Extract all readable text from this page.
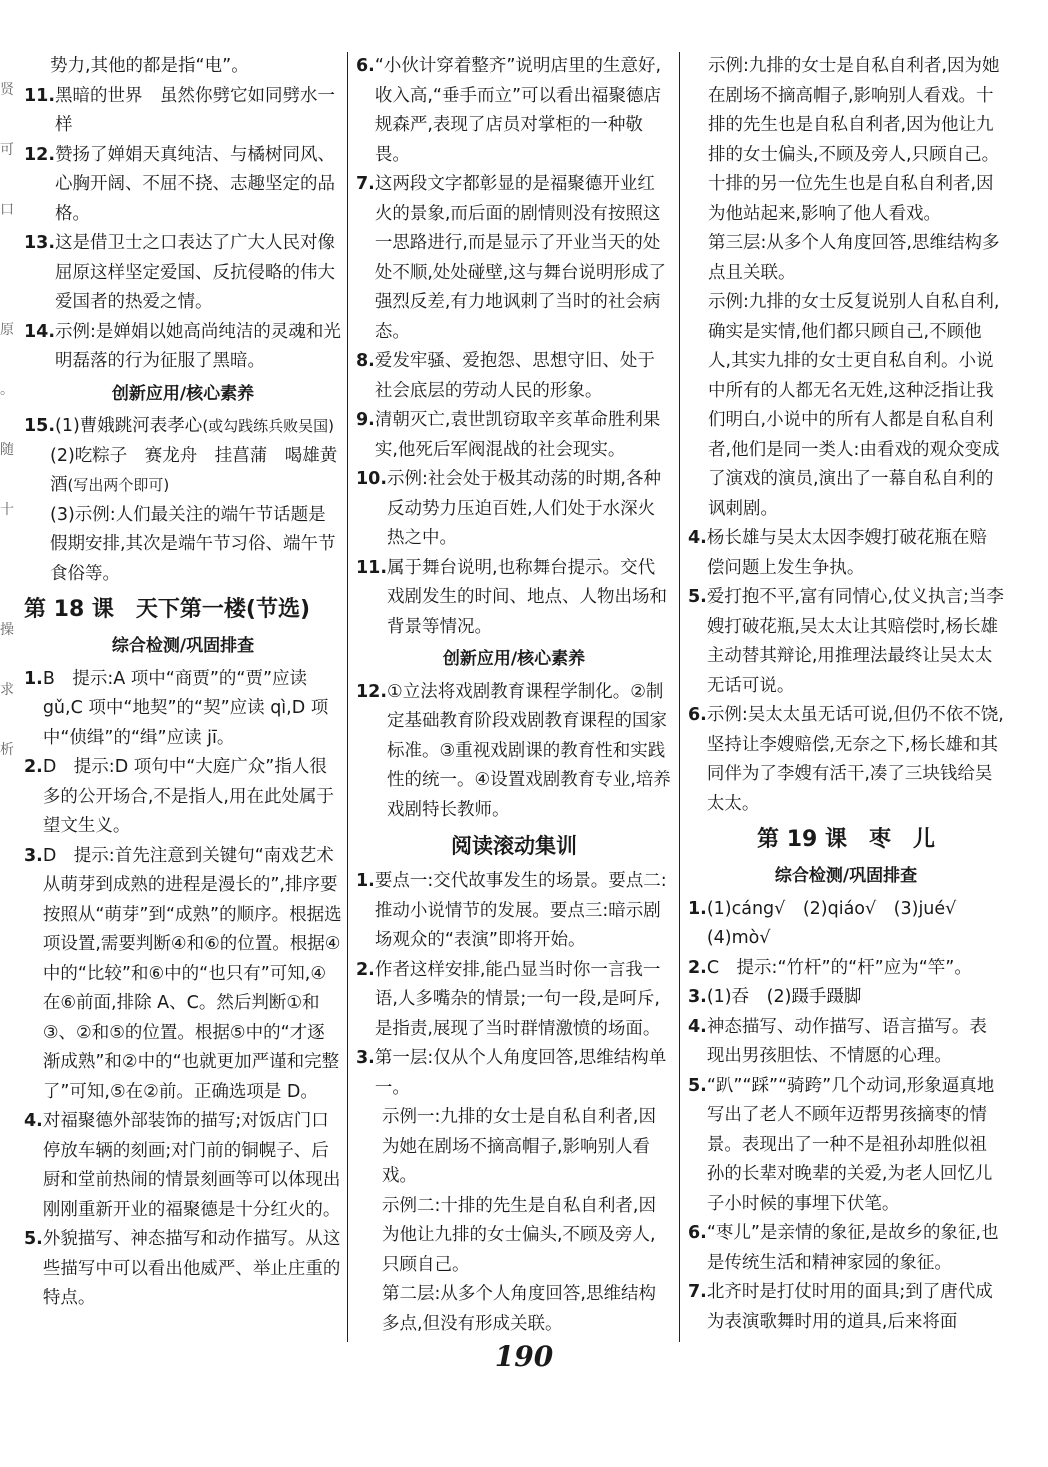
贤
可
口
原
。
随
十
操
求
析
势力,其他的都是指“电”。
11. 黑暗的世界　虽然你劈它如同劈水一样
12. 赞扬了婵娟天真纯洁、与橘树同风、心胸开阔、不屈不挠、志趣坚定的品格。
13. 这是借卫士之口表达了广大人民对像屈原这样坚定爱国、反抗侵略的伟大爱国者的热爱之情。
14. 示例:是婵娟以她高尚纯洁的灵魂和光明磊落的行为征服了黑暗。
创新应用/核心素养
15. (1)曹娥跳河表孝心(或勾践练兵败吴国)
(2)吃粽子　赛龙舟　挂菖蒲　喝雄黄酒(写出两个即可)
(3)示例:人们最关注的端午节话题是假期安排,其次是端午节习俗、端午节食俗等。
第 18 课　天下第一楼(节选)
综合检测/巩固排查
1. B　提示:A 项中“商贾”的“贾”应读 gǔ,C 项中“地契”的“契”应读 qì,D 项中“侦缉”的“缉”应读 jī。
2. D　提示:D 项句中“大庭广众”指人很多的公开场合,不是指人,用在此处属于望文生义。
3. D　提示:首先注意到关键句“南戏艺术从萌芽到成熟的进程是漫长的”,排序要按照从“萌芽”到“成熟”的顺序。根据选项设置,需要判断④和⑥的位置。根据④中的“比较”和⑥中的“也只有”可知,④在⑥前面,排除 A、C。然后判断①和③、②和⑤的位置。根据⑤中的“才逐渐成熟”和②中的“也就更加严谨和完整了”可知,⑤在②前。正确选项是 D。
4. 对福聚德外部装饰的描写;对饭店门口停放车辆的刻画;对门前的铜幌子、后厨和堂前热闹的情景刻画等可以体现出刚刚重新开业的福聚德是十分红火的。
5. 外貌描写、神态描写和动作描写。从这些描写中可以看出他威严、举止庄重的特点。
6. “小伙计穿着整齐”说明店里的生意好,收入高,“垂手而立”可以看出福聚德店规森严,表现了店员对掌柜的一种敬畏。
7. 这两段文字都彰显的是福聚德开业红火的景象,而后面的剧情则没有按照这一思路进行,而是显示了开业当天的处处不顺,处处碰壁,这与舞台说明形成了强烈反差,有力地讽刺了当时的社会病态。
8. 爱发牢骚、爱抱怨、思想守旧、处于社会底层的劳动人民的形象。
9. 清朝灭亡,袁世凯窃取辛亥革命胜利果实,他死后军阀混战的社会现实。
10. 示例:社会处于极其动荡的时期,各种反动势力压迫百姓,人们处于水深火热之中。
11. 属于舞台说明,也称舞台提示。交代戏剧发生的时间、地点、人物出场和背景等情况。
创新应用/核心素养
12. ①立法将戏剧教育课程学制化。②制定基础教育阶段戏剧教育课程的国家标准。③重视戏剧课的教育性和实践性的统一。④设置戏剧教育专业,培养戏剧特长教师。
阅读滚动集训
1. 要点一:交代故事发生的场景。要点二:推动小说情节的发展。要点三:暗示剧场观众的“表演”即将开始。
2. 作者这样安排,能凸显当时你一言我一语,人多嘴杂的情景;一句一段,是呵斥,是指责,展现了当时群情激愤的场面。
3. 第一层:仅从个人角度回答,思维结构单一。
示例一:九排的女士是自私自利者,因为她在剧场不摘高帽子,影响别人看戏。
示例二:十排的先生是自私自利者,因为他让九排的女士偏头,不顾及旁人,只顾自己。
第二层:从多个人角度回答,思维结构多点,但没有形成关联。
示例:九排的女士是自私自利者,因为她在剧场不摘高帽子,影响别人看戏。十排的先生也是自私自利者,因为他让九排的女士偏头,不顾及旁人,只顾自己。十排的另一位先生也是自私自利者,因为他站起来,影响了他人看戏。
第三层:从多个人角度回答,思维结构多点且关联。
示例:九排的女士反复说别人自私自利,确实是实情,他们都只顾自己,不顾他人,其实九排的女士更自私自利。小说中所有的人都无名无姓,这种泛指让我们明白,小说中的所有人都是自私自利者,他们是同一类人:由看戏的观众变成了演戏的演员,演出了一幕自私自利的讽刺剧。
4. 杨长雄与吴太太因李嫂打破花瓶在赔偿问题上发生争执。
5. 爱打抱不平,富有同情心,仗义执言;当李嫂打破花瓶,吴太太让其赔偿时,杨长雄主动替其辩论,用推理法最终让吴太太无话可说。
6. 示例:吴太太虽无话可说,但仍不依不饶,坚持让李嫂赔偿,无奈之下,杨长雄和其同伴为了李嫂有活干,凑了三块钱给吴太太。
第 19 课　枣　儿
综合检测/巩固排查
1. (1)cáng√　(2)qiáo√　(3)jué√　(4)mò√
2. C　提示:“竹杆”的“杆”应为“竿”。
3. (1)吞　(2)蹑手蹑脚
4. 神态描写、动作描写、语言描写。表现出男孩胆怯、不情愿的心理。
5. “趴”“踩”“骑跨”几个动词,形象逼真地写出了老人不顾年迈帮男孩摘枣的情景。表现出了一种不是祖孙却胜似祖孙的长辈对晚辈的关爱,为老人回忆儿子小时候的事埋下伏笔。
6. “枣儿”是亲情的象征,是故乡的象征,也是传统生活和精神家园的象征。
7. 北齐时是打仗时用的面具;到了唐代成为表演歌舞时用的道具,后来将面
190
